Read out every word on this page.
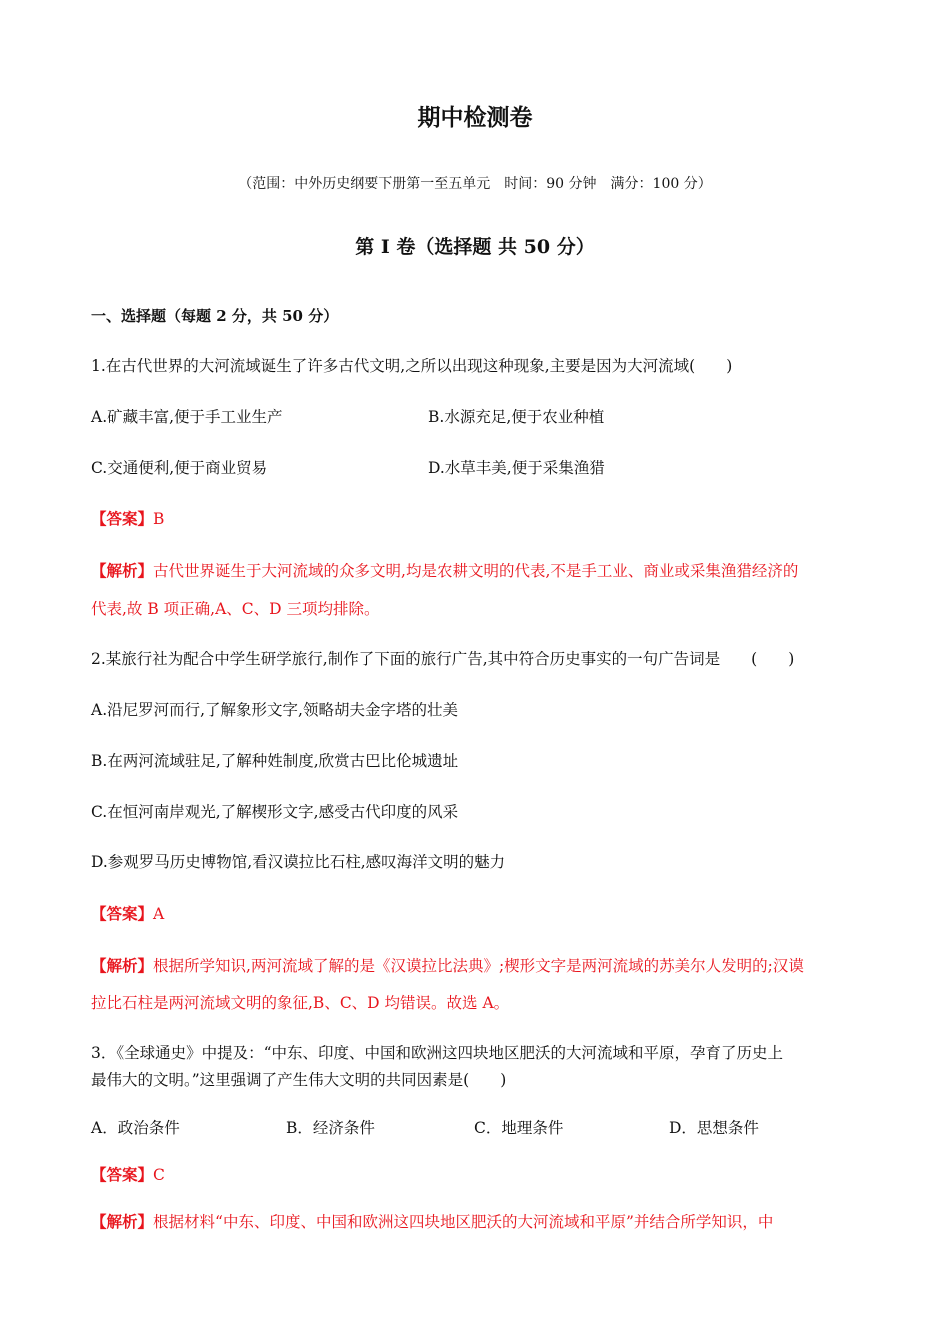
期中检测卷
（范围：中外历史纲要下册第一至五单元　时间：90 分钟　满分：100 分）
第 I 卷（选择题 共 50 分）
一、选择题（每题 2 分，共 50 分）
1.在古代世界的大河流域诞生了许多古代文明,之所以出现这种现象,主要是因为大河流域(　　)
A.矿藏丰富,便于手工业生产	B.水源充足,便于农业种植
C.交通便利,便于商业贸易	D.水草丰美,便于采集渔猎
【答案】B
【解析】古代世界诞生于大河流域的众多文明,均是农耕文明的代表,不是手工业、商业或采集渔猎经济的
代表,故 B 项正确,A、C、D 三项均排除。
2.某旅行社为配合中学生研学旅行,制作了下面的旅行广告,其中符合历史事实的一句广告词是　　(　　)
A.沿尼罗河而行,了解象形文字,领略胡夫金字塔的壮美
B.在两河流域驻足,了解种姓制度,欣赏古巴比伦城遗址
C.在恒河南岸观光,了解楔形文字,感受古代印度的风采
D.参观罗马历史博物馆,看汉谟拉比石柱,感叹海洋文明的魅力
【答案】A
【解析】根据所学知识,两河流域了解的是《汉谟拉比法典》;楔形文字是两河流域的苏美尔人发明的;汉谟
拉比石柱是两河流域文明的象征,B、C、D 均错误。故选 A。
3．《全球通史》中提及：“中东、印度、中国和欧洲这四块地区肥沃的大河流域和平原，孕育了历史上
最伟大的文明。”这里强调了产生伟大文明的共同因素是(　　)
A．政治条件	B．经济条件	C．地理条件	D．思想条件
【答案】C
【解析】根据材料“中东、印度、中国和欧洲这四块地区肥沃的大河流域和平原”并结合所学知识，中
